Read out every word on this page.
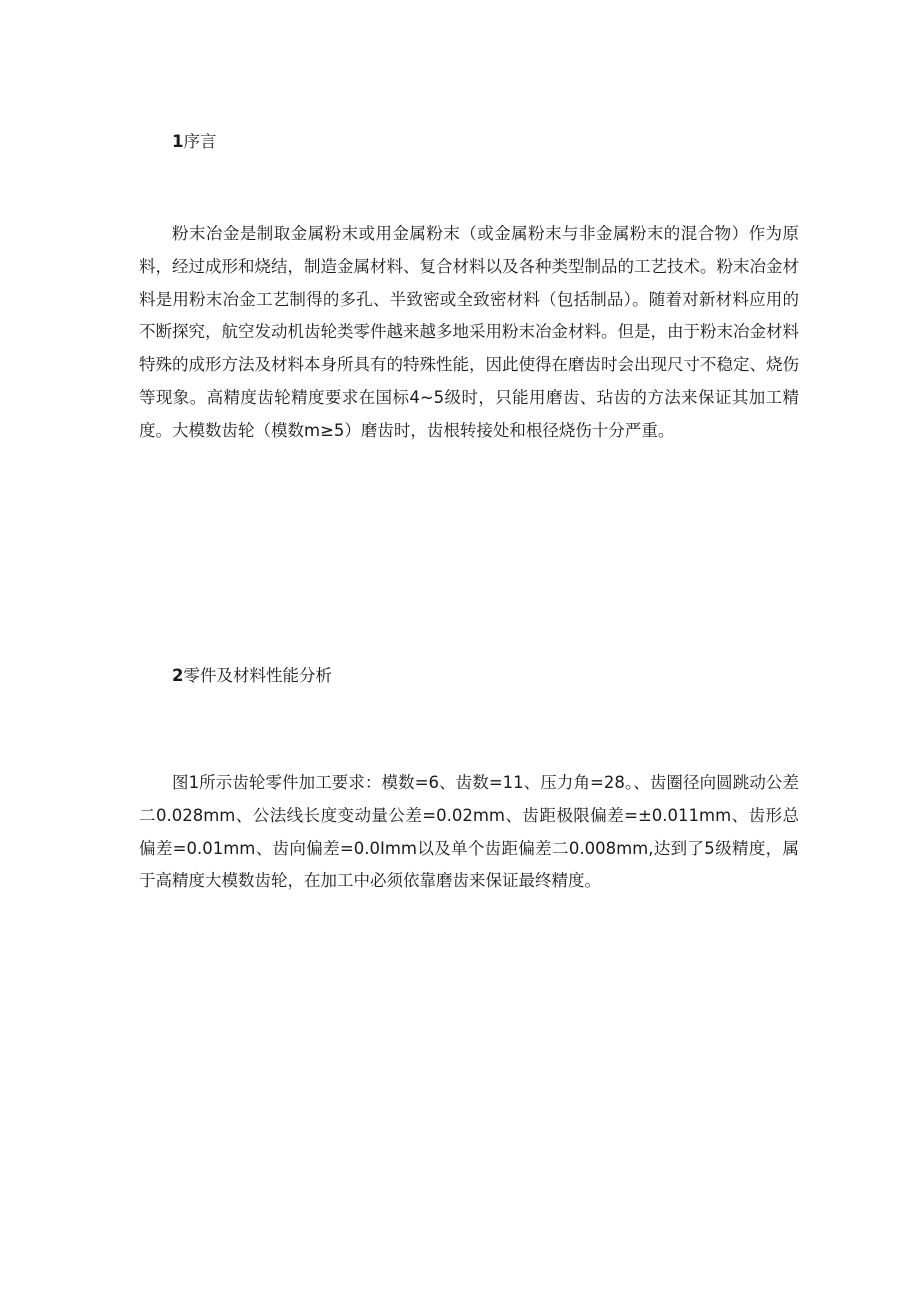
1序言

粉末冶金是制取金属粉末或用金属粉末（或金属粉末与非金属粉末的混合物）作为原料，经过成形和烧结，制造金属材料、复合材料以及各种类型制品的工艺技术。粉末冶金材料是用粉末冶金工艺制得的多孔、半致密或全致密材料（包括制品）。随着对新材料应用的不断探究，航空发动机齿轮类零件越来越多地采用粉末冶金材料。但是，由于粉末冶金材料特殊的成形方法及材料本身所具有的特殊性能，因此使得在磨齿时会出现尺寸不稳定、烧伤等现象。高精度齿轮精度要求在国标4~5级时，只能用磨齿、玷齿的方法来保证其加工精度。大模数齿轮（模数m≥5）磨齿时，齿根转接处和根径烧伤十分严重。

2零件及材料性能分析

图1所示齿轮零件加工要求：模数=6、齿数=11、压力角=28。、齿圈径向圆跳动公差二0.028mm、公法线长度变动量公差=0.02mm、齿距极限偏差=±0.011mm、齿形总偏差=0.01mm、齿向偏差=0.0Imm以及单个齿距偏差二0.008mm,达到了5级精度，属于高精度大模数齿轮，在加工中必须依靠磨齿来保证最终精度。
